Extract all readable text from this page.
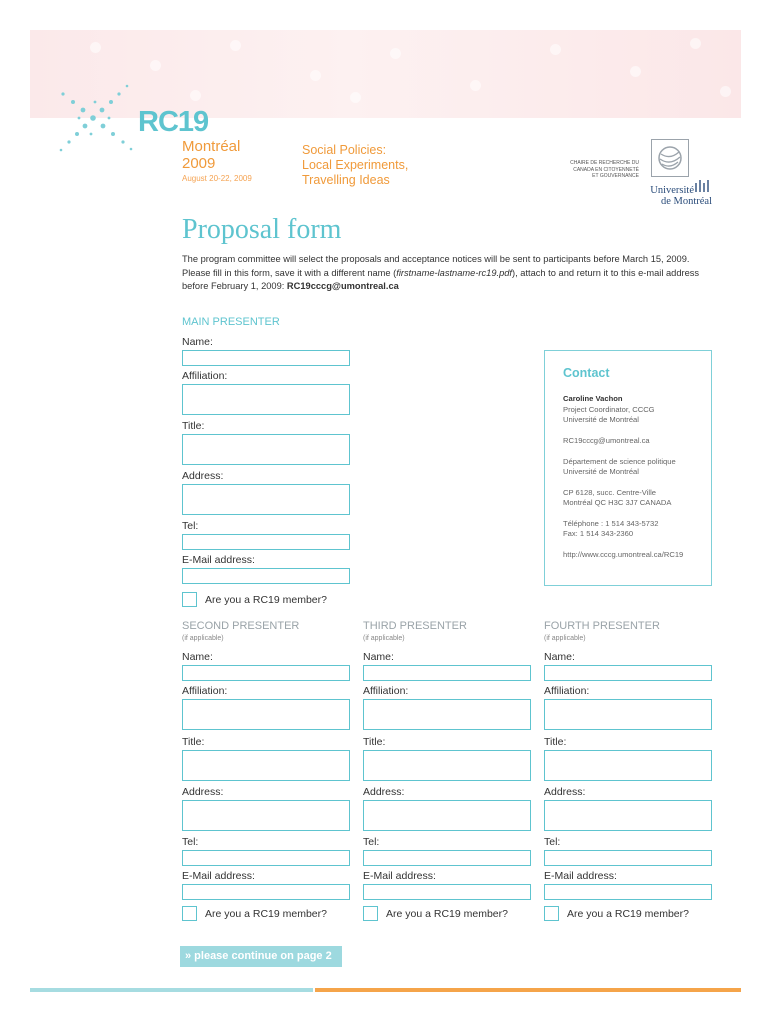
RC19
Montréal
2009
August 20-22, 2009
Social Policies:
Local Experiments,
Travelling Ideas
CHAIRE DE RECHERCHE DU
CANADA EN CITOYENNETÉ
ET GOUVERNANCE
Université
de Montréal
Proposal form
The program committee will select the proposals and acceptance notices will be sent to participants before March 15, 2009. Please fill in this form, save it with a different name (firstname-lastname-rc19.pdf), attach to and return it to this e-mail address before February 1, 2009: RC19cccg@umontreal.ca
MAIN PRESENTER
Name:
Affiliation:
Title:
Address:
Tel:
E-Mail address:
Are you a RC19 member?
Contact
Caroline Vachon
Project Coordinator, CCCG
Université de Montréal
RC19cccg@umontreal.ca
Département de science politique
Université de Montréal
CP 6128, succ. Centre-Ville
Montréal QC H3C 3J7 CANADA
Téléphone : 1 514 343-5732
Fax: 1 514 343-2360
http://www.cccg.umontreal.ca/RC19
SECOND PRESENTER
(if applicable)
Name:
Affiliation:
Title:
Address:
Tel:
E-Mail address:
Are you a RC19 member?
THIRD PRESENTER
(if applicable)
Name:
Affiliation:
Title:
Address:
Tel:
E-Mail address:
Are you a RC19 member?
FOURTH PRESENTER
(if applicable)
Name:
Affiliation:
Title:
Address:
Tel:
E-Mail address:
Are you a RC19 member?
» please continue on page 2
